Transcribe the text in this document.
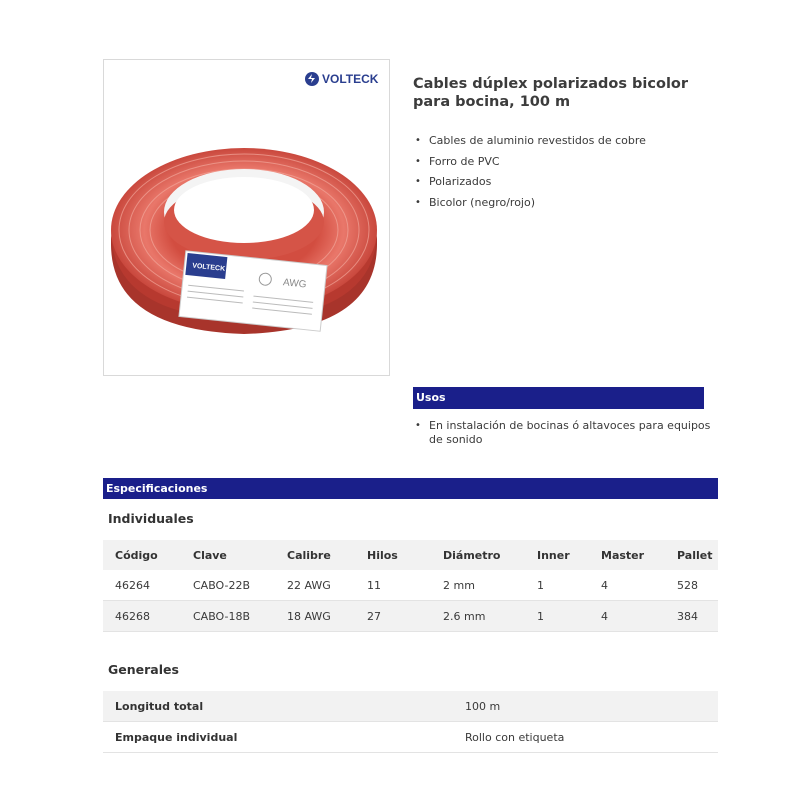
VOLTECK
VOLTECK
AWG
Cables dúplex polarizados bicolor para bocina, 100 m
• Cables de aluminio revestidos de cobre
• Forro de PVC
• Polarizados
• Bicolor (negro/rojo)
Usos
• En instalación de bocinas ó altavoces para equipos de sonido
Especificaciones
Individuales
Código	Clave	Calibre	Hilos	Diámetro	Inner	Master	Pallet
46264	CABO-22B	22 AWG	11	2 mm	1	4	528
46268	CABO-18B	18 AWG	27	2.6 mm	1	4	384
Generales
Longitud total	100 m
Empaque individual	Rollo con etiqueta
